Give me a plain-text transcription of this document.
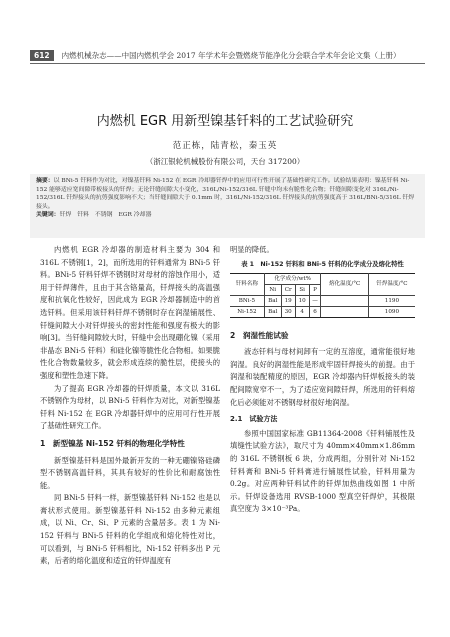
612	内燃机械杂志——中国内燃机学会 2017 年学术年会暨燃烧节能净化分会联合学术年会论文集（上册）
内燃机 EGR 用新型镍基钎料的工艺试验研究
范正栋，陆青松，秦玉英
（浙江银轮机械股份有限公司，天台 317200）
摘要：以 BNi-5 钎料作为对比，对镍基钎料 Ni-152 在 EGR 冷却器钎焊中的应用可行性开展了基础性研究工作。试验结果表明：镍基钎料 Ni-152 能够适应宽间隙带板接头的钎焊；无论钎缝间隙大小变化，316L/Ni-152/316L 钎缝中均未有脆性化合物；钎缝间隙变化对 316L/Ni-152/316L 钎焊接头的抗剪强度影响不大；当钎缝间隙大于 0.1mm 时，316L/Ni-152/316L 钎焊接头的抗剪强度高于 316L/BNi-5/316L 钎焊接头。
关键词：钎焊　钎料　不锈钢　EGR 冷却器

内燃机 EGR 冷却器的制造材料主要为 304 和 316L 不锈钢[1，2]，而所选用的钎料通常为 BNi-5 钎料。BNi-5 钎料钎焊不锈钢时对母材的溶蚀作用小，适用于钎焊薄件，且由于其含铬量高，钎焊接头的高温强度和抗氧化性较好，因此成为 EGR 冷却器制造中的首选钎料。但采用该钎料钎焊不锈钢时存在润湿铺展性、钎缝间隙大小对钎焊接头的密封性能和强度有极大的影响[3]。当钎缝间隙较大时，钎缝中会出现硼化镍（采用非晶态 BNi-5 钎料）和硅化镍等脆性化合物相。如果脆性化合物数量较多，就会形成连续的脆性层，使接头的强度和塑性急速下降。

为了提高 EGR 冷却器的钎焊质量，本文以 316L 不锈钢作为母材，以 BNi-5 钎料作为对比，对新型镍基钎料 Ni-152 在 EGR 冷却器钎焊中的应用可行性开展了基础性研究工作。

1　新型镍基 Ni-152 钎料的物理化学特性

新型镍基钎料是国外最新开发的一种无硼镍铬硅磷型不锈钢高温钎料，其具有较好的性价比和耐腐蚀性能。

同 BNi-5 钎料一样，新型镍基钎料 Ni-152 也是以膏状形式使用。新型镍基钎料 Ni-152 由多种元素组成，以 Ni、Cr、Si、P 元素的含量居多。表 1 为 Ni-152 钎料与 BNi-5 钎料的化学组成和熔化特性对比，可以看到，与 BNi-5 钎料相比，Ni-152 钎料多出 P 元素，后者的熔化温度和适宜的钎焊温度有

明显的降低。

表 1　Ni-152 钎料和 BNi-5 钎料的化学成分及熔化特性
钎料名称	化学成分/wt%				熔化温度/°C	钎焊温度/°C
	Ni	Cr	Si	P		
BNi-5	Bal	19	10	—		1190
Ni-152	Bal	30	4	6		1090
2　润湿性能试验

液态钎料与母材间卸有一定的互溶度，通常能很好地润湿。良好的润湿性能是形成牢固钎焊接头的前提。由于润湿和装配精度的原因，EGR 冷却器内钎焊板接头的装配间隙宽窄不一，为了适应宽间隙钎焊，所选用的钎料熔化后必须能对不锈钢母材很好地润湿。

2.1　试验方法

参照中国国家标准 GB11364-2008《钎料铺展性及填缝性试验方法》，取尺寸为 40mm×40mm×1.86mm 的 316L 不锈钢板 6 块，分成两组，分别针对 Ni-152 钎料膏和 BNi-5 钎料膏进行铺展性试验，钎料用量为 0.2g。对应两种钎料试件的钎焊加热曲线如图 1 中所示。钎焊设备选用 RVSB-1000 型真空钎焊炉，其极限真空度为 3×10⁻³Pa。
